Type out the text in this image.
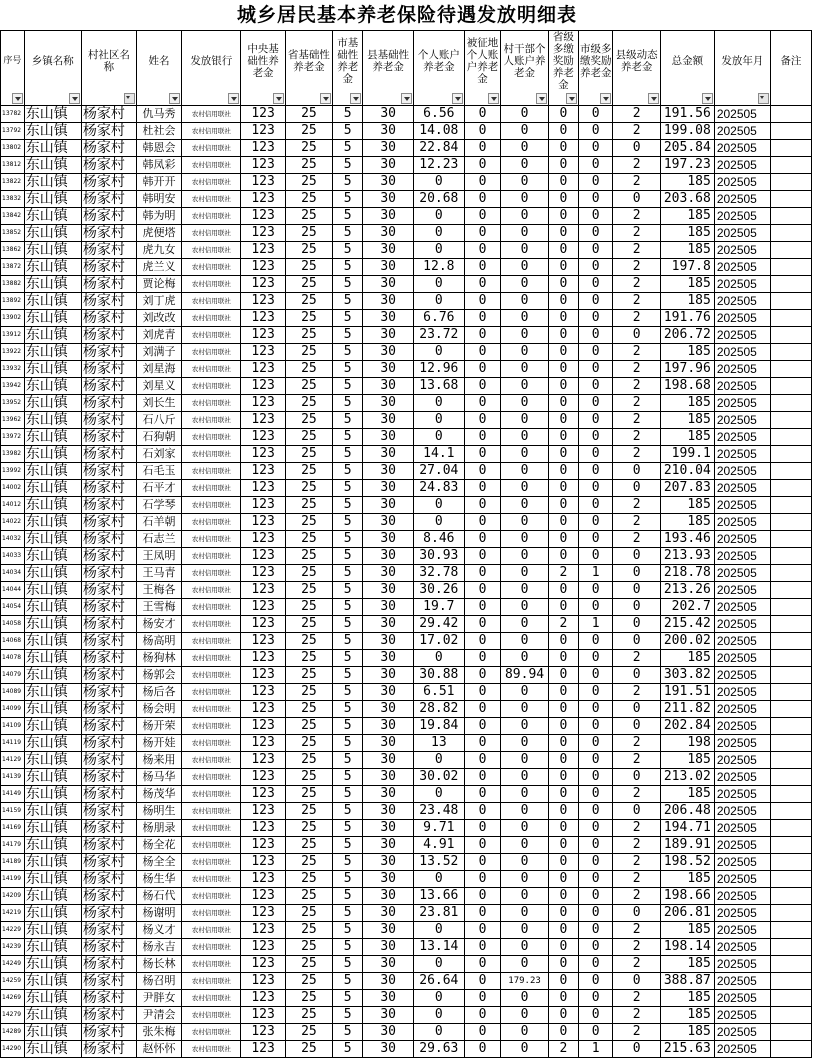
城乡居民基本养老保险待遇发放明细表
序号	乡镇名称	村社区名称	姓名	发放银行	中央基础性养老金	省基础性养老金	市基础性养老金	县基础性养老金	个人账户养老金	被征地个人账户养老金	村干部个人账户养老金	省级多缴奖励养老金	市级多缴奖励养老金	县级动态养老金	总金额	发放年月	备注

13782	东山镇	杨家村	仇马秀	农村信用联社	123	25	5	30	6.56	0	0	0	0	2	191.56	202505	
13792	东山镇	杨家村	杜社会	农村信用联社	123	25	5	30	14.08	0	0	0	0	2	199.08	202505	
13802	东山镇	杨家村	韩恩会	农村信用联社	123	25	5	30	22.84	0	0	0	0	0	205.84	202505	
13812	东山镇	杨家村	韩凤彩	农村信用联社	123	25	5	30	12.23	0	0	0	0	2	197.23	202505	
13822	东山镇	杨家村	韩开开	农村信用联社	123	25	5	30	0	0	0	0	0	2	185	202505	
13832	东山镇	杨家村	韩明安	农村信用联社	123	25	5	30	20.68	0	0	0	0	0	203.68	202505	
13842	东山镇	杨家村	韩为明	农村信用联社	123	25	5	30	0	0	0	0	0	2	185	202505	
13852	东山镇	杨家村	虎便塔	农村信用联社	123	25	5	30	0	0	0	0	0	2	185	202505	
13862	东山镇	杨家村	虎九女	农村信用联社	123	25	5	30	0	0	0	0	0	2	185	202505	
13872	东山镇	杨家村	虎兰义	农村信用联社	123	25	5	30	12.8	0	0	0	0	2	197.8	202505	
13882	东山镇	杨家村	贾论梅	农村信用联社	123	25	5	30	0	0	0	0	0	2	185	202505	
13892	东山镇	杨家村	刘丁虎	农村信用联社	123	25	5	30	0	0	0	0	0	2	185	202505	
13902	东山镇	杨家村	刘改改	农村信用联社	123	25	5	30	6.76	0	0	0	0	2	191.76	202505	
13912	东山镇	杨家村	刘虎青	农村信用联社	123	25	5	30	23.72	0	0	0	0	0	206.72	202505	
13922	东山镇	杨家村	刘满子	农村信用联社	123	25	5	30	0	0	0	0	0	2	185	202505	
13932	东山镇	杨家村	刘星海	农村信用联社	123	25	5	30	12.96	0	0	0	0	2	197.96	202505	
13942	东山镇	杨家村	刘星义	农村信用联社	123	25	5	30	13.68	0	0	0	0	2	198.68	202505	
13952	东山镇	杨家村	刘长生	农村信用联社	123	25	5	30	0	0	0	0	0	2	185	202505	
13962	东山镇	杨家村	石八斤	农村信用联社	123	25	5	30	0	0	0	0	0	2	185	202505	
13972	东山镇	杨家村	石狗朝	农村信用联社	123	25	5	30	0	0	0	0	0	2	185	202505	
13982	东山镇	杨家村	石刘家	农村信用联社	123	25	5	30	14.1	0	0	0	0	2	199.1	202505	
13992	东山镇	杨家村	石毛玉	农村信用联社	123	25	5	30	27.04	0	0	0	0	0	210.04	202505	
14002	东山镇	杨家村	石平才	农村信用联社	123	25	5	30	24.83	0	0	0	0	0	207.83	202505	
14012	东山镇	杨家村	石学琴	农村信用联社	123	25	5	30	0	0	0	0	0	2	185	202505	
14022	东山镇	杨家村	石羊朝	农村信用联社	123	25	5	30	0	0	0	0	0	2	185	202505	
14032	东山镇	杨家村	石志兰	农村信用联社	123	25	5	30	8.46	0	0	0	0	2	193.46	202505	
14033	东山镇	杨家村	王凤明	农村信用联社	123	25	5	30	30.93	0	0	0	0	0	213.93	202505	
14034	东山镇	杨家村	王马青	农村信用联社	123	25	5	30	32.78	0	0	2	1	0	218.78	202505	
14044	东山镇	杨家村	王梅各	农村信用联社	123	25	5	30	30.26	0	0	0	0	0	213.26	202505	
14054	东山镇	杨家村	王雪梅	农村信用联社	123	25	5	30	19.7	0	0	0	0	0	202.7	202505	
14058	东山镇	杨家村	杨安才	农村信用联社	123	25	5	30	29.42	0	0	2	1	0	215.42	202505	
14068	东山镇	杨家村	杨高明	农村信用联社	123	25	5	30	17.02	0	0	0	0	0	200.02	202505	
14078	东山镇	杨家村	杨狗林	农村信用联社	123	25	5	30	0	0	0	0	0	2	185	202505	
14079	东山镇	杨家村	杨郭会	农村信用联社	123	25	5	30	30.88	0	89.94	0	0	0	303.82	202505	
14089	东山镇	杨家村	杨后各	农村信用联社	123	25	5	30	6.51	0	0	0	0	2	191.51	202505	
14099	东山镇	杨家村	杨会明	农村信用联社	123	25	5	30	28.82	0	0	0	0	0	211.82	202505	
14109	东山镇	杨家村	杨开荣	农村信用联社	123	25	5	30	19.84	0	0	0	0	0	202.84	202505	
14119	东山镇	杨家村	杨开娃	农村信用联社	123	25	5	30	13	0	0	0	0	2	198	202505	
14129	东山镇	杨家村	杨来用	农村信用联社	123	25	5	30	0	0	0	0	0	2	185	202505	
14139	东山镇	杨家村	杨马华	农村信用联社	123	25	5	30	30.02	0	0	0	0	0	213.02	202505	
14149	东山镇	杨家村	杨茂华	农村信用联社	123	25	5	30	0	0	0	0	0	2	185	202505	
14159	东山镇	杨家村	杨明生	农村信用联社	123	25	5	30	23.48	0	0	0	0	0	206.48	202505	
14169	东山镇	杨家村	杨朋录	农村信用联社	123	25	5	30	9.71	0	0	0	0	2	194.71	202505	
14179	东山镇	杨家村	杨全花	农村信用联社	123	25	5	30	4.91	0	0	0	0	2	189.91	202505	
14189	东山镇	杨家村	杨全全	农村信用联社	123	25	5	30	13.52	0	0	0	0	2	198.52	202505	
14199	东山镇	杨家村	杨生华	农村信用联社	123	25	5	30	0	0	0	0	0	2	185	202505	
14209	东山镇	杨家村	杨石代	农村信用联社	123	25	5	30	13.66	0	0	0	0	2	198.66	202505	
14219	东山镇	杨家村	杨谢明	农村信用联社	123	25	5	30	23.81	0	0	0	0	0	206.81	202505	
14229	东山镇	杨家村	杨义才	农村信用联社	123	25	5	30	0	0	0	0	0	2	185	202505	
14239	东山镇	杨家村	杨永吉	农村信用联社	123	25	5	30	13.14	0	0	0	0	2	198.14	202505	
14249	东山镇	杨家村	杨长林	农村信用联社	123	25	5	30	0	0	0	0	0	2	185	202505	
14259	东山镇	杨家村	杨召明	农村信用联社	123	25	5	30	26.64	0	179.23	0	0	0	388.87	202505	
14269	东山镇	杨家村	尹胖女	农村信用联社	123	25	5	30	0	0	0	0	0	2	185	202505	
14279	东山镇	杨家村	尹清会	农村信用联社	123	25	5	30	0	0	0	0	0	2	185	202505	
14289	东山镇	杨家村	张朱梅	农村信用联社	123	25	5	30	0	0	0	0	0	2	185	202505	
14290	东山镇	杨家村	赵怀怀	农村信用联社	123	25	5	30	29.63	0	0	2	1	0	215.63	202505	
